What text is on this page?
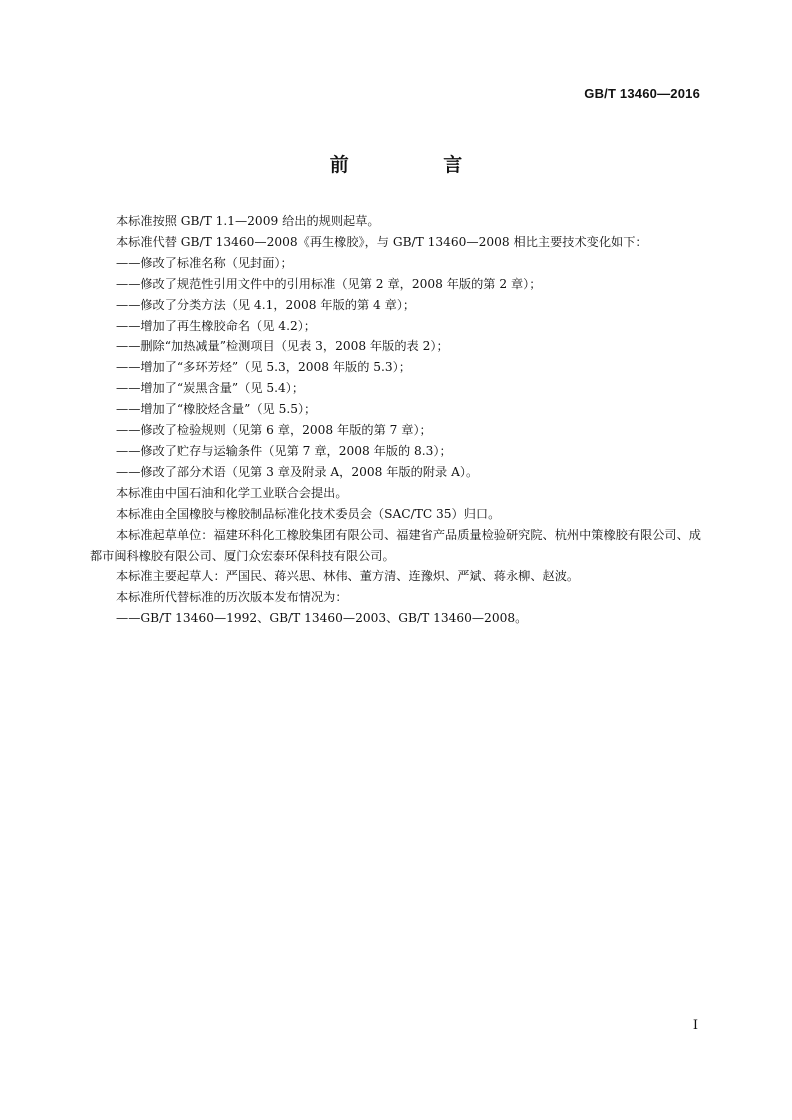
GB/T 13460—2016
前 言

本标准按照 GB/T 1.1—2009 给出的规则起草。

本标准代替 GB/T 13460—2008《再生橡胶》，与 GB/T 13460—2008 相比主要技术变化如下：

——修改了标准名称（见封面）；

——修改了规范性引用文件中的引用标准（见第 2 章，2008 年版的第 2 章）；

——修改了分类方法（见 4.1，2008 年版的第 4 章）；

——增加了再生橡胶命名（见 4.2）；

——删除“加热减量”检测项目（见表 3，2008 年版的表 2）；

——增加了“多环芳烃”（见 5.3，2008 年版的 5.3）；

——增加了“炭黑含量”（见 5.4）；

——增加了“橡胶烃含量”（见 5.5）；

——修改了检验规则（见第 6 章，2008 年版的第 7 章）；

——修改了贮存与运输条件（见第 7 章，2008 年版的 8.3）；

——修改了部分术语（见第 3 章及附录 A，2008 年版的附录 A）。

本标准由中国石油和化学工业联合会提出。

本标准由全国橡胶与橡胶制品标准化技术委员会（SAC/TC 35）归口。

本标准起草单位：福建环科化工橡胶集团有限公司、福建省产品质量检验研究院、杭州中策橡胶有限公司、成都市闽科橡胶有限公司、厦门众宏泰环保科技有限公司。

本标准主要起草人：严国民、蒋兴思、林伟、董方清、连豫炽、严斌、蒋永柳、赵波。

本标准所代替标准的历次版本发布情况为：

——GB/T 13460—1992、GB/T 13460—2003、GB/T 13460—2008。

I
